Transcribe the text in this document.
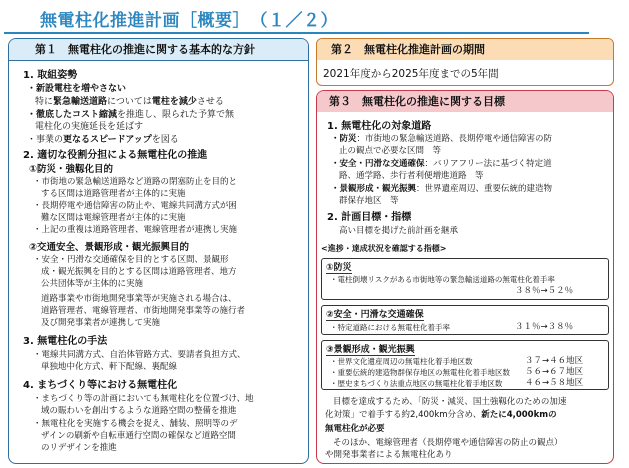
無電柱化推進計画［概要］　（１／２）
第１　無電柱化の推進に関する基本的な方針
1. 取組姿勢
・新設電柱を増やさない
特に緊急輸送道路については電柱を減少させる
・徹底したコスト縮減を推進し、限られた予算で無
電柱化の実施延長を延ばす
・事業の更なるスピードアップを図る
2. 適切な役割分担による無電柱化の推進
①防災・強靱化目的
・市街地の緊急輸送道路など道路の閉塞防止を目的と
する区間は道路管理者が主体的に実施
・長期停電や通信障害の防止や、電線共同溝方式が困
難な区間は電線管理者が主体的に実施
・上記の重複は道路管理者、電線管理者が連携し実施
②交通安全、景観形成・観光振興目的
・安全・円滑な交通確保を目的とする区間、景観形
成・観光振興を目的とする区間は道路管理者、地方
公共団体等が主体的に実施
道路事業や市街地開発事業等が実施される場合は、
道路管理者、電線管理者、市街地開発事業等の施行者
及び開発事業者が連携して実施
3. 無電柱化の手法
・電線共同溝方式、自治体管路方式、要請者負担方式、
単独地中化方式、軒下配線、裏配線
4. まちづくり等における無電柱化
・まちづくり等の計画においても無電柱化を位置づけ、地
域の賑わいを創出するような道路空間の整備を推進
・無電柱化を実施する機会を捉え、舗装、照明等のデ
ザインの刷新や自転車通行空間の確保など道路空間
のリデザインを推進
第２　無電柱化推進計画の期間
2021年度から2025年度までの5年間
第３　無電柱化の推進に関する目標
1. 無電柱化の対象道路
・防災：市街地の緊急輸送道路、長期停電や通信障害の防
止の観点で必要な区間　等
・安全・円滑な交通確保：バリアフリー法に基づく特定道
路、通学路、歩行者利便増進道路　等
・景観形成・観光振興：世界遺産周辺、重要伝統的建造物
群保存地区　等
2. 計画目標・指標
高い目標を掲げた前計画を継承
<進捗・達成状況を確認する指標>
①防災
・電柱倒壊リスクがある市街地等の緊急輸送道路の無電柱化着手率
３８％→５２％
②安全・円滑な交通確保
・特定道路における無電柱化着手率	３１％→３８％
③景観形成・観光振興
・世界文化遺産周辺の無電柱化着手地区数	３７→４６地区
・重要伝統的建造物群保存地区の無電柱化着手地区数 ５６→６７地区
・歴史まちづくり法重点地区の無電柱化着手地区数	４６→５８地区
目標を達成するため、「防災・減災、国土強靱化のための加速
化対策」で着手する約2,400km分含め、新たに4,000kmの
無電柱化が必要
そのほか、電線管理者（長期停電や通信障害の防止の観点）
や開発事業者による無電柱化あり
